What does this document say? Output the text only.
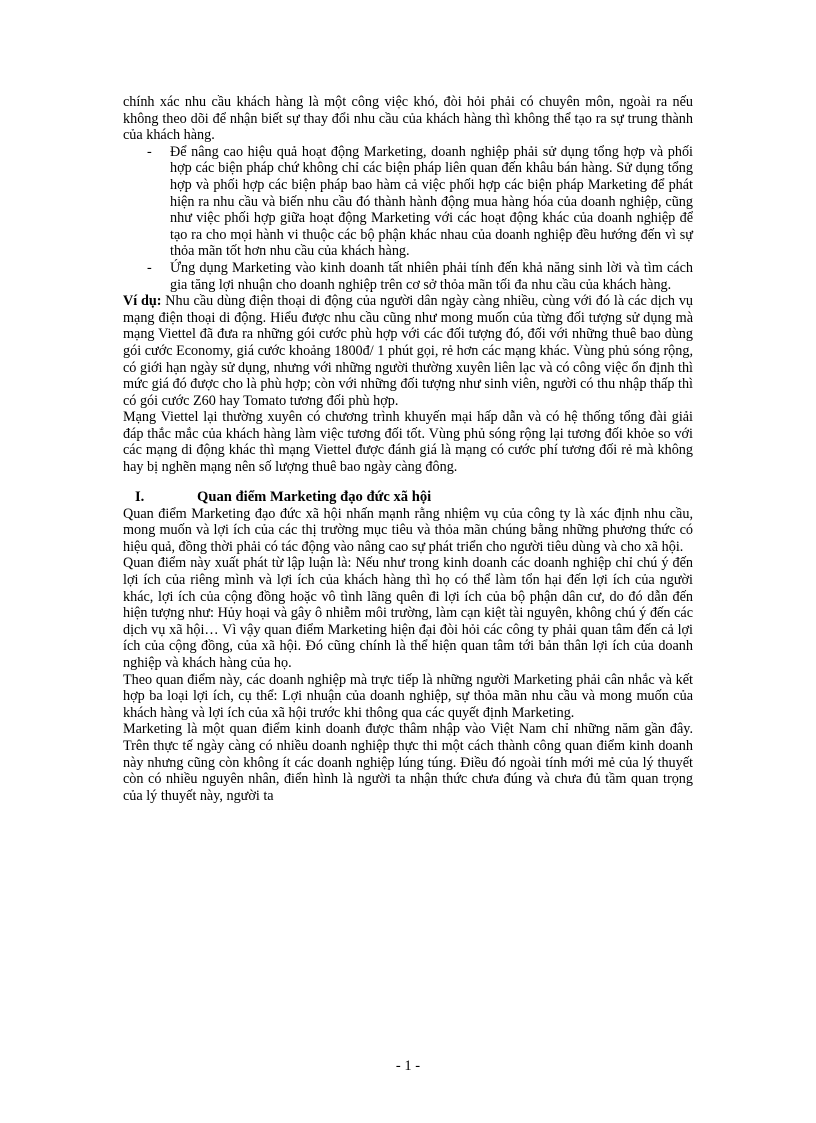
chính xác nhu cầu khách hàng là một công việc khó, đòi hỏi phải có chuyên môn, ngoài ra nếu không theo dõi để nhận biết sự thay đổi nhu cầu của khách hàng thì không thể tạo ra sự trung thành của khách hàng.

- Để nâng cao hiệu quả hoạt động Marketing, doanh nghiệp phải sử dụng tổng hợp và phối hợp các biện pháp chứ không chỉ các biện pháp liên quan đến khâu bán hàng. Sử dụng tổng hợp và phối hợp các biện pháp bao hàm cả việc phối hợp các biện pháp Marketing để phát hiện ra nhu cầu và biến nhu cầu đó thành hành động mua hàng hóa của doanh nghiệp, cũng như việc phối hợp giữa hoạt động Marketing với các hoạt động khác của doanh nghiệp để tạo ra cho mọi hành vi thuộc các bộ phận khác nhau của doanh nghiệp đều hướng đến vì sự thỏa mãn tốt hơn nhu cầu của khách hàng.
- Ứng dụng Marketing vào kinh doanh tất nhiên phải tính đến khả năng sinh lời và tìm cách gia tăng lợi nhuận cho doanh nghiệp trên cơ sở thỏa mãn tối đa nhu cầu của khách hàng.

Ví dụ: Nhu cầu dùng điện thoại di động của người dân ngày càng nhiều, cùng với đó là các dịch vụ mạng điện thoại di động. Hiểu được nhu cầu cũng như mong muốn của từng đối tượng sử dụng mà mạng Viettel đã đưa ra những gói cước phù hợp với các đối tượng đó, đối với những thuê bao dùng gói cước Economy, giá cước khoảng 1800đ/ 1 phút gọi, rẻ hơn các mạng khác. Vùng phủ sóng rộng, có giới hạn ngày sử dụng, nhưng với những người thường xuyên liên lạc và có công việc ổn định thì mức giá đó được cho là phù hợp; còn với những đối tượng như sinh viên, người có thu nhập thấp thì có gói cước Z60 hay Tomato tương đối phù hợp.

Mạng Viettel lại thường xuyên có chương trình khuyến mại hấp dẫn và có hệ thống tổng đài giải đáp thắc mắc của khách hàng làm việc tương đối tốt. Vùng phủ sóng rộng lại tương đối khỏe so với các mạng di động khác thì mạng Viettel được đánh giá là mạng có cước phí tương đối rẻ mà không hay bị nghẽn mạng nên số lượng thuê bao ngày càng đông.

I.	Quan điểm Marketing đạo đức xã hội

Quan điểm Marketing đạo đức xã hội nhấn mạnh rằng nhiệm vụ của công ty là xác định nhu cầu, mong muốn và lợi ích của các thị trường mục tiêu và thỏa mãn chúng bằng những phương thức có hiệu quả, đồng thời phải có tác động vào nâng cao sự phát triển cho người tiêu dùng và cho xã hội.

Quan điểm này xuất phát từ lập luận là: Nếu như trong kinh doanh các doanh nghiệp chỉ chú ý đến lợi ích của riêng mình và lợi ích của khách hàng thì họ có thể làm tổn hại đến lợi ích của người khác, lợi ích của cộng đồng hoặc vô tình lãng quên đi lợi ích của bộ phận dân cư, do đó dẫn đến hiện tượng như: Hủy hoại và gây ô nhiễm môi trường, làm cạn kiệt tài nguyên, không chú ý đến các dịch vụ xã hội… Vì vậy quan điểm Marketing hiện đại đòi hỏi các công ty phải quan tâm đến cả lợi ích của cộng đồng, của xã hội. Đó cũng chính là thể hiện quan tâm tới bản thân lợi ích của doanh nghiệp và khách hàng của họ.

Theo quan điểm này, các doanh nghiệp mà trực tiếp là những người Marketing phải cân nhắc và kết hợp ba loại lợi ích, cụ thể: Lợi nhuận của doanh nghiệp, sự thỏa mãn nhu cầu và mong muốn của khách hàng và lợi ích của xã hội trước khi thông qua các quyết định Marketing.

Marketing là một quan điểm kinh doanh được thâm nhập vào Việt Nam chỉ những năm gần đây. Trên thực tế ngày càng có nhiều doanh nghiệp thực thi một cách thành công quan điểm kinh doanh này nhưng cũng còn không ít các doanh nghiệp lúng túng. Điều đó ngoài tính mới mẻ của lý thuyết còn có nhiều nguyên nhân, điển hình là người ta nhận thức chưa đúng và chưa đủ tầm quan trọng của lý thuyết này, người ta

- 1 -
